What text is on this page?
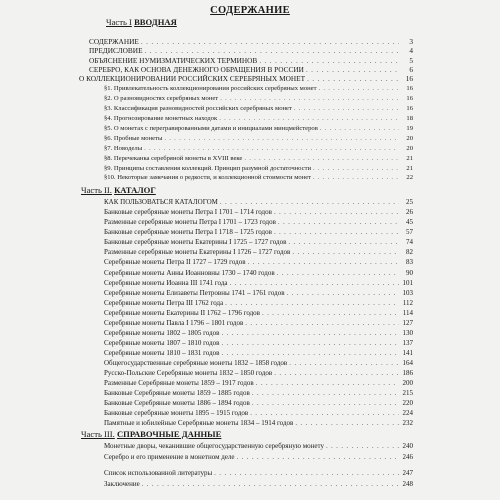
СОДЕРЖАНИЕ
Часть I ВВОДНАЯ
СОДЕРЖАНИЕ . . .	3
ПРЕДИСЛОВИЕ . . .	4
ОБЪЯСНЕНИЕ НУМИЗМАТИЧЕСКИХ ТЕРМИНОВ . . .	5
СЕРЕБРО, КАК ОСНОВА ДЕНЕЖНОГО ОБРАЩЕНИЯ В РОССИИ . . .	6
О КОЛЛЕКЦИОНИРОВАНИИ РОССИЙСКИХ СЕРЕБРЯНЫХ МОНЕТ . . .	16
§1. Привлекательность коллекционирования российских серебряных монет . . .	16
§2. О разновидностях серебряных монет . . .	16
§3. Классификация разновидностей российских серебряных монет . . .	16
§4. Прогнозирование монетных находок . . .	18
§5. О монетах с перегравированными датами и инициалами минцмейстеров . . .	19
§6. Пробные монеты . . .	20
§7. Новоделы . . .	20
§8. Перечеканка серебряной монеты в XVIII веке . . .	21
§9. Принципы составления коллекций. Принцип разумной достаточности . . .	21
§10. Некоторые замечания о редкости, и коллекционной стоимости монет . . .	22
Часть II. КАТАЛОГ
КАК ПОЛЬЗОВАТЬСЯ КАТАЛОГОМ . . .	25
Банковые серебряные монеты Петра I 1701 – 1714 годов . . .	26
Разменные серебряные монеты Петра I 1701 – 1723 годов . . .	45
Банковые серебряные монеты Петра I 1718 – 1725 годов . . .	57
Банковые серебряные монеты Екатерины I 1725 – 1727 годов . . .	74
Разменные серебряные монеты Екатерины I 1726 – 1727 годов . . .	82
Серебряные монеты Петра II 1727 – 1729 годов . . .	83
Серебряные монеты Анны Иоанновны 1730 – 1740 годов . . .	90
Серебряные монеты Иоанна III 1741 года . . .	101
Серебряные монеты Елизаветы Петровны 1741 – 1761 годов . . .	103
Серебряные монеты Петра III 1762 года . . .	112
Серебряные монеты Екатерины II 1762 – 1796 годов . . .	114
Серебряные монеты Павла I 1796 – 1801 годов . . .	127
Серебряные монеты 1802 – 1805 годов . . .	130
Серебряные монеты 1807 – 1810 годов . . .	137
Серебряные монеты 1810 – 1831 годов . . .	141
Общегосударственные серебряные монеты 1832 – 1858 годов . . .	164
Русско-Польские Серебряные монеты 1832 – 1850 годов . . .	186
Разменные Серебряные монеты 1859 – 1917 годов . . .	200
Банковые Серебряные монеты 1859 – 1885 годов . . .	215
Банковые Серебряные монеты 1886 – 1894 годов . . .	220
Банковые серебряные монеты 1895 – 1915 годов . . .	224
Памятные и юбилейные Серебряные монеты 1834 – 1914 годов . . .	232
Часть III. СПРАВОЧНЫЕ ДАННЫЕ
Монетные дворы, чеканившие общегосударственную серебряную монету . . .	240
Серебро и его применение в монетном деле . . .	246
Список использованной литературы . . .	247
Заключение . . .	248
